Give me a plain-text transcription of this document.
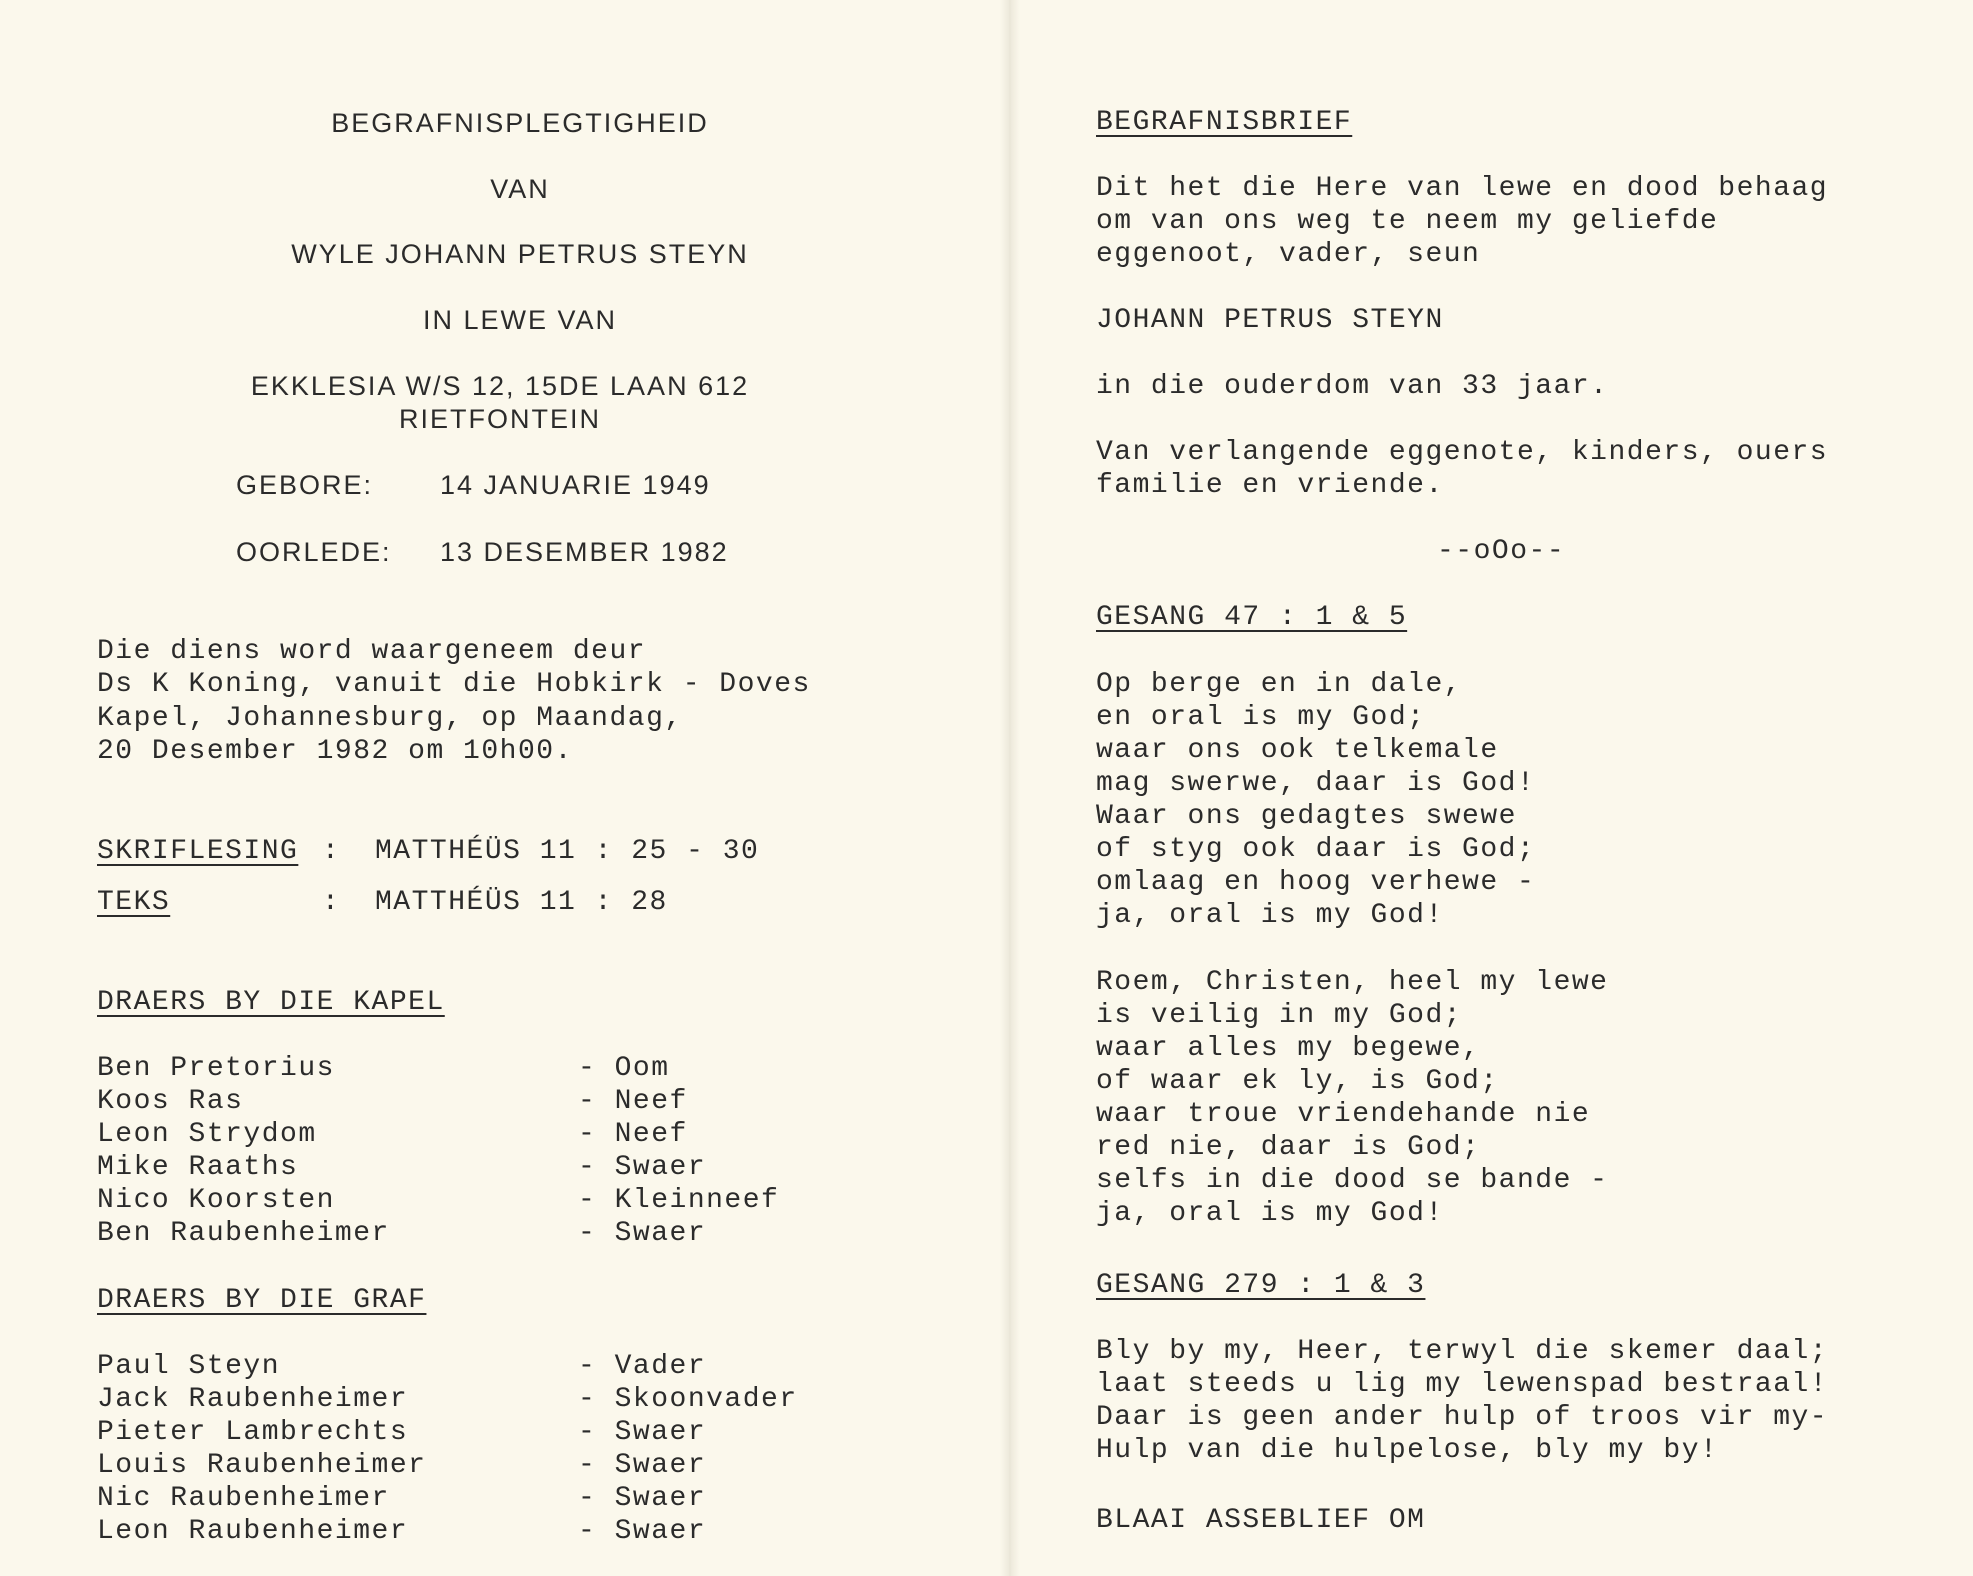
BEGRAFNISPLEGTIGHEID
VAN
WYLE JOHANN PETRUS STEYN
IN LEWE VAN
EKKLESIA W/S 12, 15DE LAAN 612
RIETFONTEIN
GEBORE: 14 JANUARIE 1949
OORLEDE: 13 DESEMBER 1982
Die diens word waargeneem deur
Ds K Koning, vanuit die Hobkirk - Doves
Kapel, Johannesburg, op Maandag,
20 Desember 1982 om 10h00.
SKRIFLESING : MATTHÉÜS 11 : 25 - 30
TEKS	: MATTHÉÜS 11 : 28
DRAERS BY DIE KAPEL
Ben Pretorius	- Oom
Koos Ras	- Neef
Leon Strydom	- Neef
Mike Raaths	- Swaer
Nico Koorsten	- Kleinneef
Ben Raubenheimer	- Swaer
DRAERS BY DIE GRAF
Paul Steyn	- Vader
Jack Raubenheimer	- Skoonvader
Pieter Lambrechts	- Swaer
Louis Raubenheimer	- Swaer
Nic Raubenheimer	- Swaer
Leon Raubenheimer	- Swaer
BEGRAFNISBRIEF
Dit het die Here van lewe en dood behaag
om van ons weg te neem my geliefde
eggenoot, vader, seun
JOHANN PETRUS STEYN
in die ouderdom van 33 jaar.
Van verlangende eggenote, kinders, ouers
familie en vriende.
--oOo--
GESANG 47 : 1 & 5
Op berge en in dale,
en oral is my God;
waar ons ook telkemale
mag swerwe, daar is God!
Waar ons gedagtes swewe
of styg ook daar is God;
omlaag en hoog verhewe -
ja, oral is my God!
Roem, Christen, heel my lewe
is veilig in my God;
waar alles my begewe,
of waar ek ly, is God;
waar troue vriendehande nie
red nie, daar is God;
selfs in die dood se bande -
ja, oral is my God!
GESANG 279 : 1 & 3
Bly by my, Heer, terwyl die skemer daal;
laat steeds u lig my lewenspad bestraal!
Daar is geen ander hulp of troos vir my-
Hulp van die hulpelose, bly my by!
BLAAI ASSEBLIEF OM
